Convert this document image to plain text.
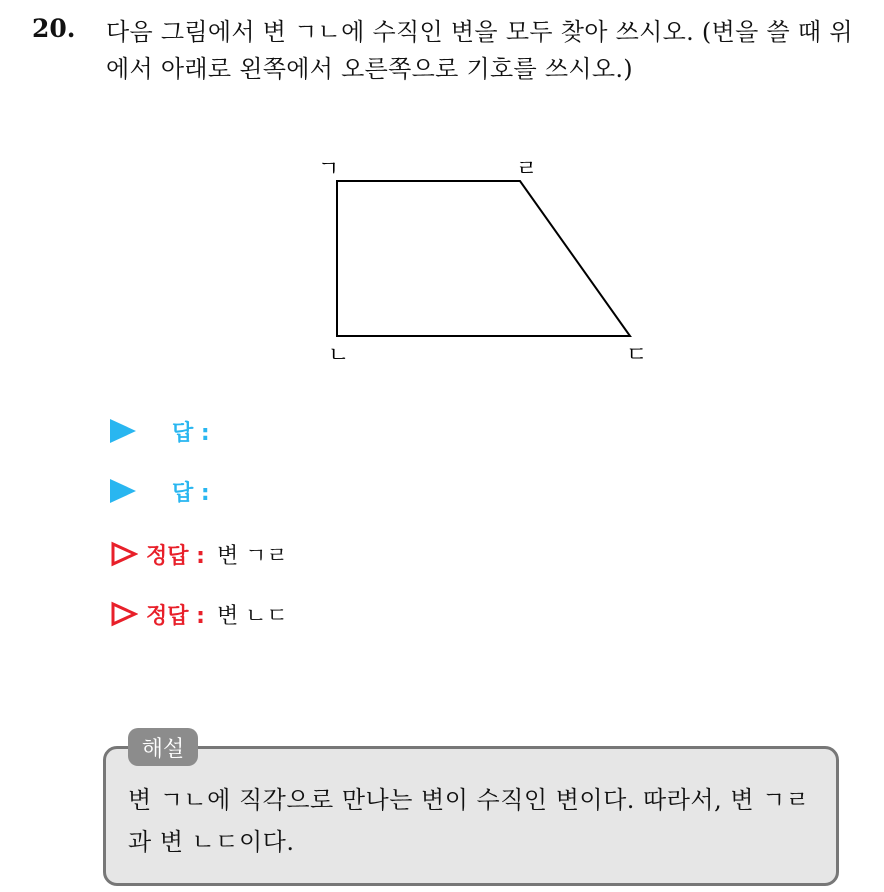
20. 다음 그림에서 변 ㄱㄴ에 수직인 변을 모두 찾아 쓰시오. (변을 쓸 때 위에서 아래로 왼쪽에서 오른쪽으로 기호를 쓰시오.)
ㄱ
ㄴ	ㄷ
ㄹ
답 :
답 :
정답 : 변 ㄱㄹ
정답 : 변 ㄴㄷ
해설
변 ㄱㄴ에 직각으로 만나는 변이 수직인 변이다. 따라서, 변 ㄱㄹ과 변 ㄴㄷ이다.
